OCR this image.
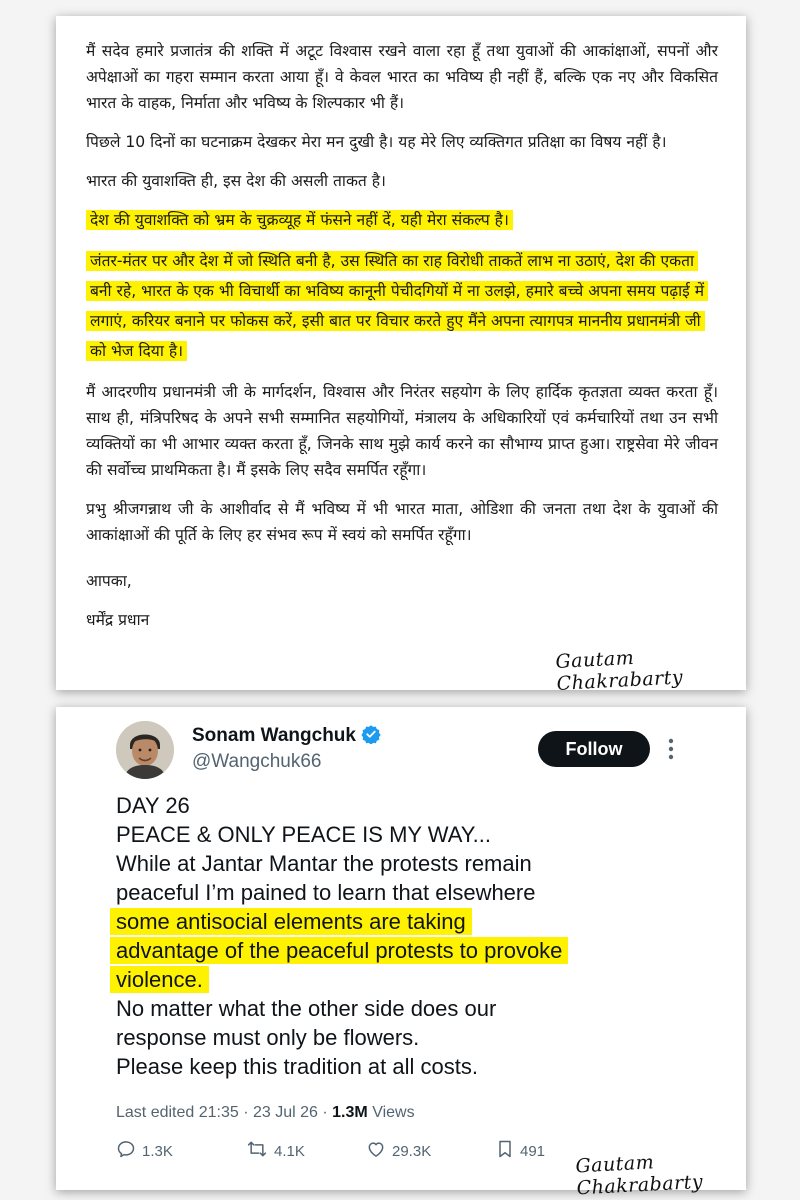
मैं सदेव हमारे प्रजातंत्र की शक्ति में अटूट विश्वास रखने वाला रहा हूँ तथा युवाओं की आकांक्षाओं, सपनों और अपेक्षाओं का गहरा सम्मान करता आया हूँ। वे केवल भारत का भविष्य ही नहीं हैं, बल्कि एक नए और विकसित भारत के वाहक, निर्माता और भविष्य के शिल्पकार भी हैं।

पिछले 10 दिनों का घटनाक्रम देखकर मेरा मन दुखी है। यह मेरे लिए व्यक्तिगत प्रतिक्षा का विषय नहीं है।

भारत की युवाशक्ति ही, इस देश की असली ताकत है।

देश की युवाशक्ति को भ्रम के चुक्रव्यूह में फंसने नहीं दें, यही मेरा संकल्प है।

जंतर-मंतर पर और देश में जो स्थिति बनी है, उस स्थिति का राह विरोधी ताकतें लाभ ना उठाएं, देश की एकता बनी रहे, भारत के एक भी विचार्थी का भविष्य कानूनी पेचीदगियों में ना उलझे, हमारे बच्चे अपना समय पढ़ाई में लगाएं, करियर बनाने पर फोकस करें, इसी बात पर विचार करते हुए मैंने अपना त्यागपत्र माननीय प्रधानमंत्री जी को भेज दिया है।

मैं आदरणीय प्रधानमंत्री जी के मार्गदर्शन, विश्वास और निरंतर सहयोग के लिए हार्दिक कृतज्ञता व्यक्त करता हूँ। साथ ही, मंत्रिपरिषद के अपने सभी सम्मानित सहयोगियों, मंत्रालय के अधिकारियों एवं कर्मचारियों तथा उन सभी व्यक्तियों का भी आभार व्यक्त करता हूँ, जिनके साथ मुझे कार्य करने का सौभाग्य प्राप्त हुआ। राष्ट्रसेवा मेरे जीवन की सर्वोच्च प्राथमिकता है। मैं इसके लिए सदैव समर्पित रहूँगा।

प्रभु श्रीजगन्नाथ जी के आशीर्वाद से मैं भविष्य में भी भारत माता, ओडिशा की जनता तथा देश के युवाओं की आकांक्षाओं की पूर्ति के लिए हर संभव रूप में स्वयं को समर्पित रहूँगा।

आपका,

धर्मेंद्र प्रधान

Gautam Chakrabarty
Sonam Wangchuk
@Wangchuk66
Follow
DAY 26
PEACE & ONLY PEACE IS MY WAY...
While at Jantar Mantar the protests remain
peaceful I’m pained to learn that elsewhere
some antisocial elements are taking
advantage of the peaceful protests to provoke
violence.
No matter what the other side does our
response must only be flowers.
Please keep this tradition at all costs.
Last edited 21:35 · 23 Jul 26 · 1.3M Views
1.3K	4.1K	29.3K	491
Gautam Chakrabarty
